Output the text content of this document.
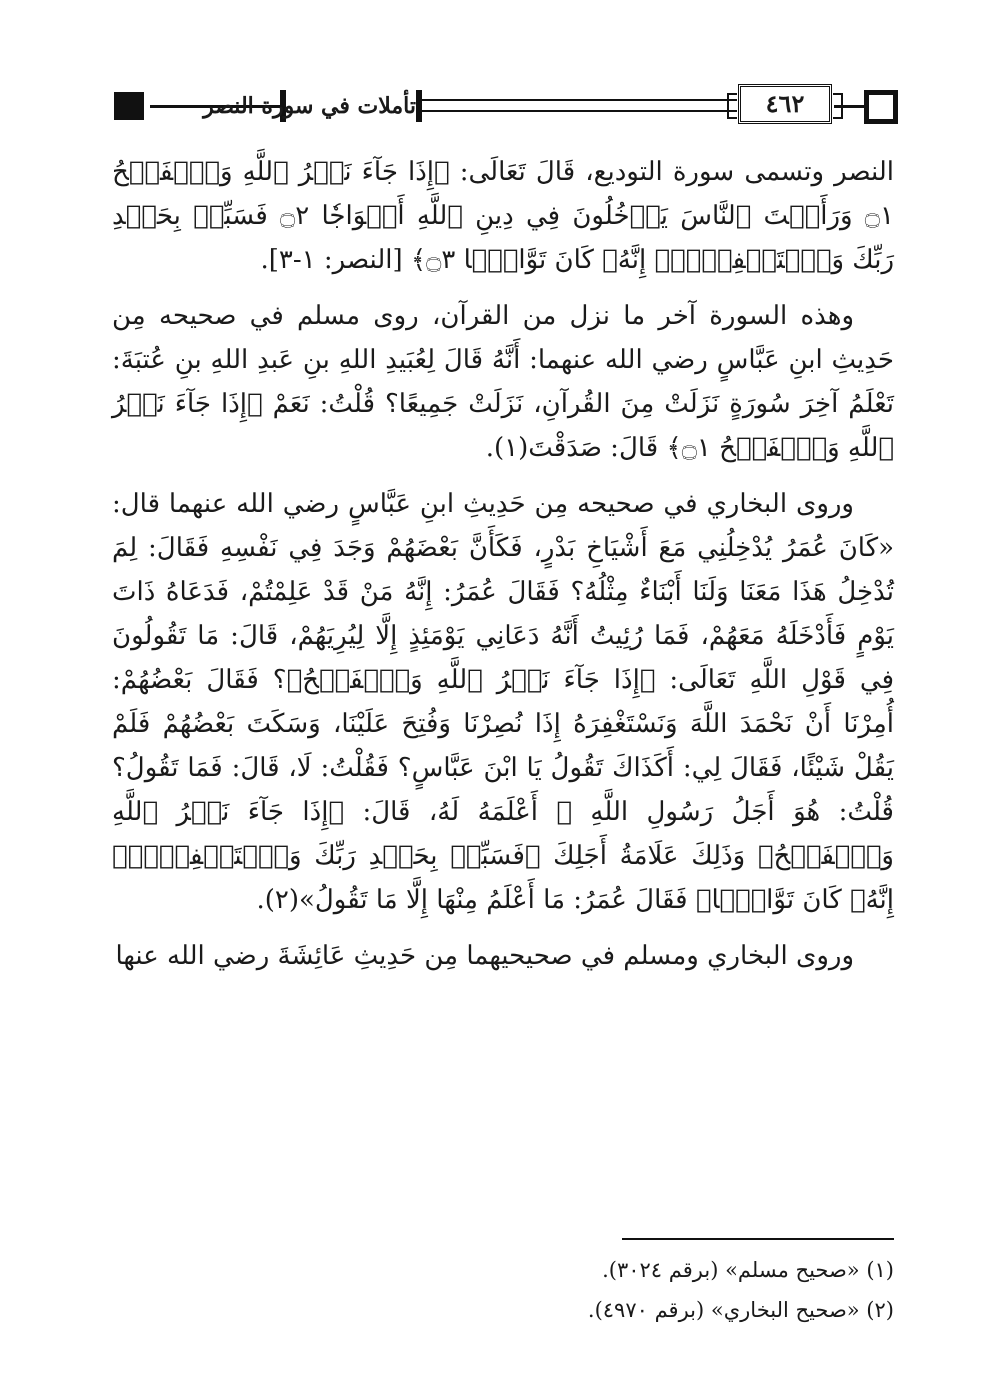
تأملات في سورة النصر	٤٦٢

النصر وتسمى سورة التوديع، قَالَ تَعَالَى: ﴿إِذَا جَآءَ نَصۡرُ ٱللَّهِ وَٱلۡفَتۡحُ ۝١ وَرَأَيۡتَ ٱلنَّاسَ يَدۡخُلُونَ فِي دِينِ ٱللَّهِ أَفۡوَاجٗا ۝٢ فَسَبِّحۡ بِحَمۡدِ رَبِّكَ وَٱسۡتَغۡفِرۡهُۚ إِنَّهُۥ كَانَ تَوَّابَۢا ۝٣﴾ [النصر: ١-٣].

وهذه السورة آخر ما نزل من القرآن، روى مسلم في صحيحه مِن حَدِيثِ ابنِ عَبَّاسٍ رضي الله عنهما: أَنَّهُ قَالَ لِعُبَيدِ اللهِ بنِ عَبدِ اللهِ بنِ عُتبَةَ: تَعْلَمُ آخِرَ سُورَةٍ نَزَلَتْ مِنَ القُرآنِ، نَزَلَتْ جَمِيعًا؟ قُلْتُ: نَعَمْ ﴿إِذَا جَآءَ نَصۡرُ ٱللَّهِ وَٱلۡفَتۡحُ ۝١﴾ قَالَ: صَدَقْتَ(١).

وروى البخاري في صحيحه مِن حَدِيثِ ابنِ عَبَّاسٍ رضي الله عنهما قال: «كَانَ عُمَرُ يُدْخِلُنِي مَعَ أَشْيَاخِ بَدْرٍ، فَكَأَنَّ بَعْضَهُمْ وَجَدَ فِي نَفْسِهِ فَقَالَ: لِمَ تُدْخِلُ هَذَا مَعَنَا وَلَنَا أَبْنَاءٌ مِثْلُهُ؟ فَقَالَ عُمَرُ: إِنَّهُ مَنْ قَدْ عَلِمْتُمْ، فَدَعَاهُ ذَاتَ يَوْمٍ فَأَدْخَلَهُ مَعَهُمْ، فَمَا رُئِيتُ أَنَّهُ دَعَانِي يَوْمَئِذٍ إِلَّا لِيُرِيَهُمْ، قَالَ: مَا تَقُولُونَ فِي قَوْلِ اللَّهِ تَعَالَى: ﴿إِذَا جَآءَ نَصۡرُ ٱللَّهِ وَٱلۡفَتۡحُ﴾؟ فَقَالَ بَعْضُهُمْ: أُمِرْنَا أَنْ نَحْمَدَ اللَّهَ وَنَسْتَغْفِرَهُ إِذَا نُصِرْنَا وَفُتِحَ عَلَيْنَا، وَسَكَتَ بَعْضُهُمْ فَلَمْ يَقُلْ شَيْئًا، فَقَالَ لِي: أَكَذَاكَ تَقُولُ يَا ابْنَ عَبَّاسٍ؟ فَقُلْتُ: لَا، قَالَ: فَمَا تَقُولُ؟ قُلْتُ: هُوَ أَجَلُ رَسُولِ اللَّهِ ﷺ أَعْلَمَهُ لَهُ، قَالَ: ﴿إِذَا جَآءَ نَصۡرُ ٱللَّهِ وَٱلۡفَتۡحُ﴾ وَذَلِكَ عَلَامَةُ أَجَلِكَ ﴿فَسَبِّحۡ بِحَمۡدِ رَبِّكَ وَٱسۡتَغۡفِرۡهُۚ إِنَّهُۥ كَانَ تَوَّابَۢا﴾ فَقَالَ عُمَرُ: مَا أَعْلَمُ مِنْهَا إِلَّا مَا تَقُولُ»(٢).

وروى البخاري ومسلم في صحيحيهما مِن حَدِيثِ عَائِشَةَ رضي الله عنها

(١) «صحيح مسلم» (برقم ٣٠٢٤).

(٢) «صحيح البخاري» (برقم ٤٩٧٠).
